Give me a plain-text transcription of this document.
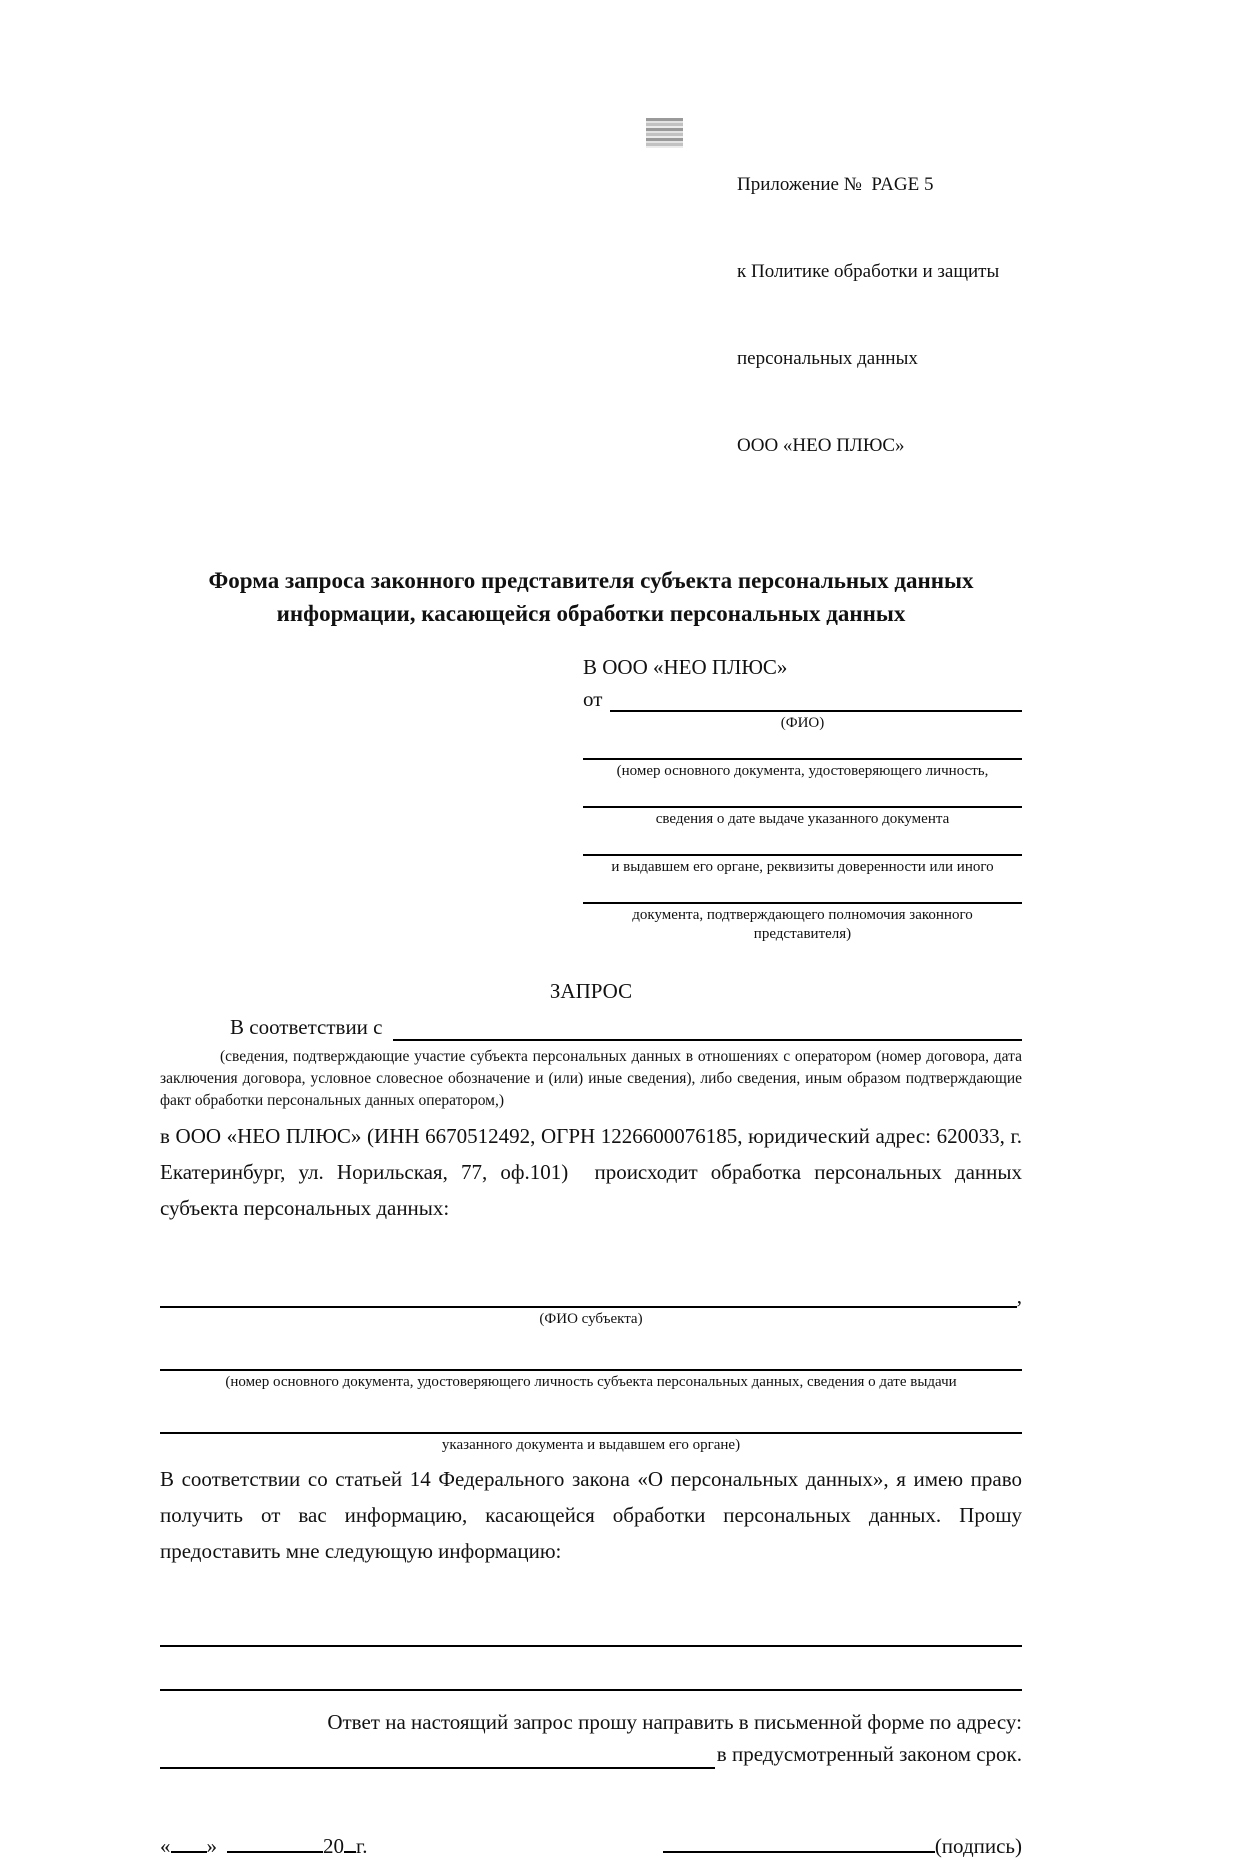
Приложение №  PAGE 5

к Политике обработки и защиты

персональных данных

ООО «НЕО ПЛЮС»

Форма запроса законного представителя субъекта персональных данных
информации, касающейся обработки персональных данных
В ООО «НЕО ПЛЮС»
от
(ФИО)
(номер основного документа, удостоверяющего личность,
сведения о дате выдаче указанного документа
и выдавшем его органе, реквизиты доверенности или иного
документа, подтверждающего полномочия законного представителя)
ЗАПРОС
В соответствии с
(сведения, подтверждающие участие субъекта персональных данных в отношениях с оператором (номер договора, дата заключения договора, условное словесное обозначение и (или) иные сведения), либо сведения, иным образом подтверждающие факт обработки персональных данных оператором,)
в ООО «НЕО ПЛЮС» (ИНН 6670512492, ОГРН 1226600076185, юридический адрес: 620033, г. Екатеринбург, ул. Норильская, 77, оф.101)  происходит обработка персональных данных субъекта персональных данных:
,
(ФИО субъекта)
(номер основного документа, удостоверяющего личность субъекта персональных данных, сведения о дате выдачи
указанного документа и выдавшем его органе)
В соответствии со статьей 14 Федерального закона «О персональных данных», я имею право получить от вас информацию, касающейся обработки персональных данных. Прошу предоставить мне следующую информацию:
Ответ на настоящий запрос прошу направить в письменной форме по адресу:
в предусмотренный законом срок.
« »	20 г.	(подпись)
